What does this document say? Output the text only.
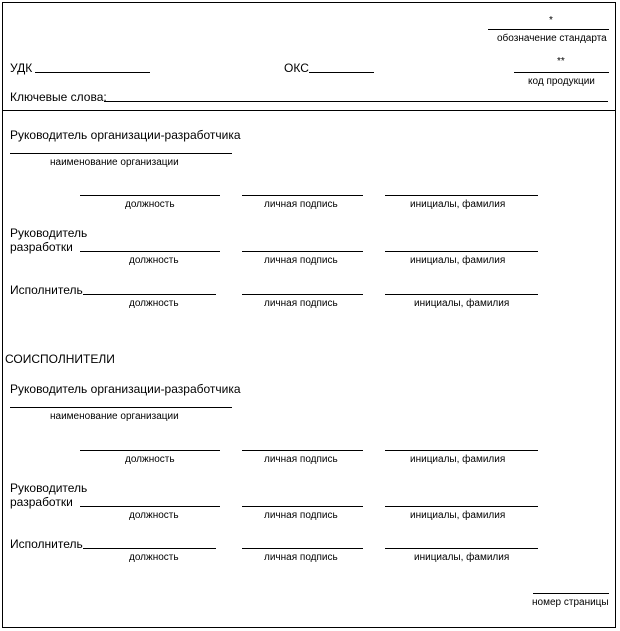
*
обозначение стандарта
УДК	ОКС	**
код продукции
Ключевые слова:
Руководитель организации-разработчика
наименование организации
должность	личная подпись	инициалы, фамилия
Руководитель
разработки
должность	личная подпись	инициалы, фамилия
Исполнитель
должность	личная подпись	инициалы, фамилия
СОИСПОЛНИТЕЛИ
Руководитель организации-разработчика
наименование организации
должность	личная подпись	инициалы, фамилия
Руководитель
разработки
должность	личная подпись	инициалы, фамилия
Исполнитель
должность	личная подпись	инициалы, фамилия
номер страницы
